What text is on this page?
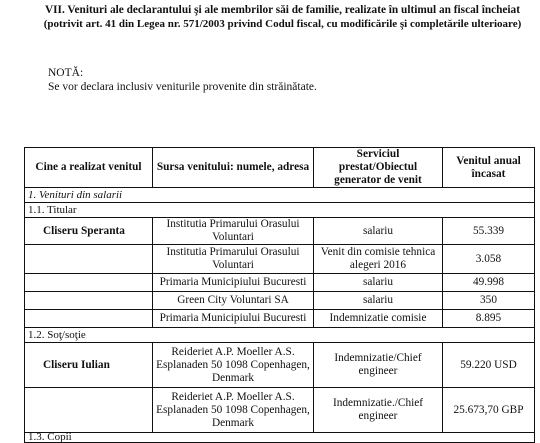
VII. Venituri ale declarantului şi ale membrilor săi de familie, realizate în ultimul an fiscal încheiat
(potrivit art. 41 din Legea nr. 571/2003 privind Codul fiscal, cu modificările şi completările ulterioare)
NOTĂ:
Se vor declara inclusiv veniturile provenite din străinătate.
Cine a realizat venitul	Sursa venitului: numele, adresa	Serviciul prestat/Obiectul generator de venit	Venitul anual încasat
1. Venituri din salarii			
1.1. Titular			
Cliseru Speranta	Institutia Primarului Orasului Voluntari	salariu	55.339
	Institutia Primarului Orasului Voluntari	Venit din comisie tehnica alegeri 2016	3.058
	Primaria Municipiului Bucuresti	salariu	49.998
	Green City Voluntari SA	salariu	350
	Primaria Municipiului Bucuresti	Indemnizatie comisie	8.895
1.2. Soţ/soţie			
Cliseru Iulian	Reideriet A.P. Moeller A.S. Esplanaden 50 1098 Copenhagen, Denmark	Indemnizatie/Chief engineer	59.220 USD
	Reideriet A.P. Moeller A.S. Esplanaden 50 1098 Copenhagen, Denmark	Indemnizatie./Chief engineer	25.673,70 GBP
1.3. Copii			
